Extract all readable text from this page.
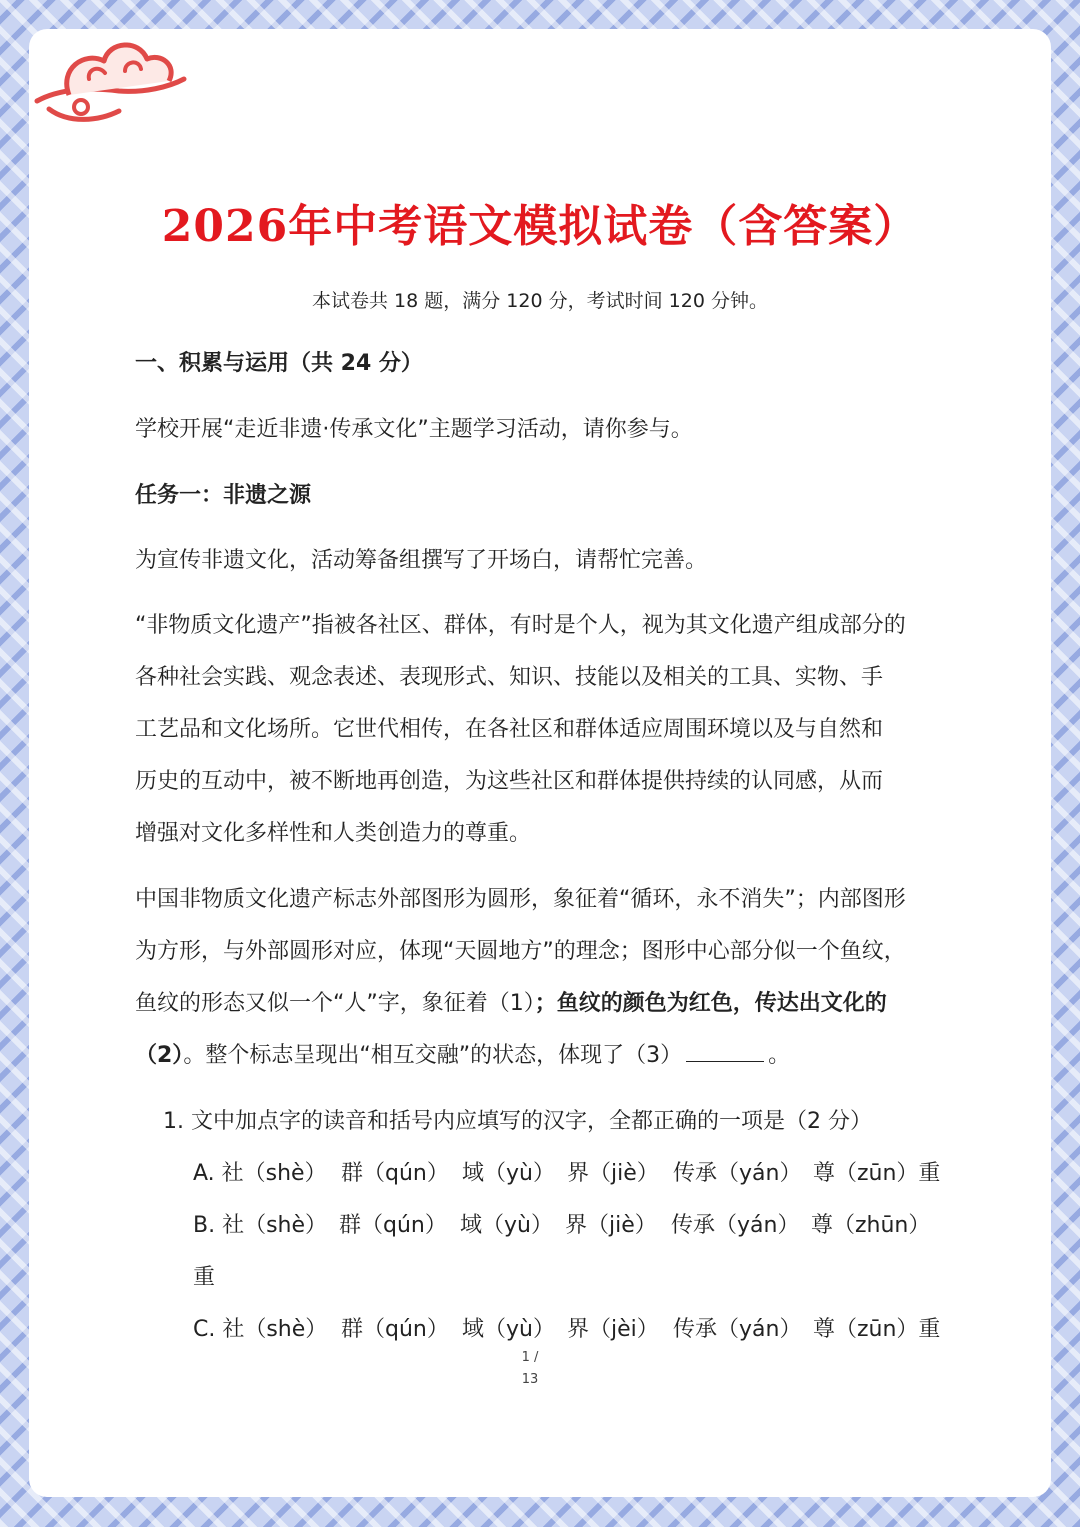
2026年中考语文模拟试卷（含答案）
本试卷共 18 题，满分 120 分，考试时间 120 分钟。
一、积累与运用（共 24 分）
学校开展“走近非遗·传承文化”主题学习活动，请你参与。
任务一：非遗之源
为宣传非遗文化，活动筹备组撰写了开场白，请帮忙完善。
“非物质文化遗产”指被各社区、群体，有时是个人，视为其文化遗产组成部分的
各种社会实践、观念表述、表现形式、知识、技能以及相关的工具、实物、手
工艺品和文化场所。它世代相传，在各社区和群体适应周围环境以及与自然和
历史的互动中，被不断地再创造，为这些社区和群体提供持续的认同感，从而
增强对文化多样性和人类创造力的尊重。
中国非物质文化遗产标志外部图形为圆形，象征着“循环，永不消失”；内部图形
为方形，与外部圆形对应，体现“天圆地方”的理念；图形中心部分似一个鱼纹，
鱼纹的形态又似一个“人”字，象征着（1）；鱼纹的颜色为红色，传达出文化的
（2）。整个标志呈现出“相互交融”的状态，体现了（3）	。
1. 文中加点字的读音和括号内应填写的汉字，全都正确的一项是（2 分）
A. 社（shè） 群（qún） 域（yù） 界（jiè） 传承（yán） 尊（zūn）重
B. 社（shè） 群（qún） 域（yù） 界（jiè） 传承（yán） 尊（zhūn）
重
C. 社（shè） 群（qún） 域（yù） 界（jèi） 传承（yán） 尊（zūn）重
1 /
13
